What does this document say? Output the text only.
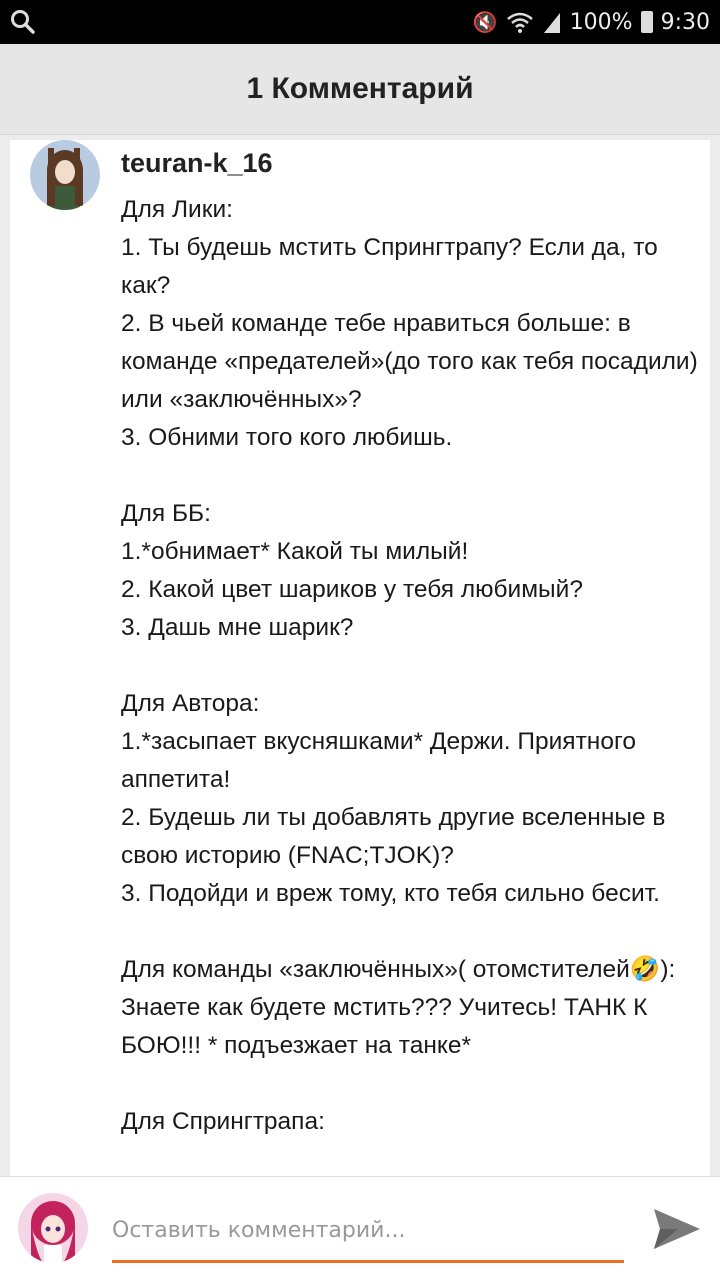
🔇	100% 9:30
1 Комментарий
teuran-k_16
Для Лики:
1. Ты будешь мстить Спрингтрапу? Если да, то как?
2. В чьей команде тебе нравиться больше: в команде «предателей»(до того как тебя посадили) или «заключённых»?
3. Обними того кого любишь.

Для ББ:
1.*обнимает* Какой ты милый!
2. Какой цвет шариков у тебя любимый?
3. Дашь мне шарик?

Для Автора:
1.*засыпает вкусняшками* Держи. Приятного аппетита!
2. Будешь ли ты добавлять другие вселенные в свою историю (FNAC;TJOK)?
3. Подойди и вреж тому, кто тебя сильно бесит.

Для команды «заключённых»( отомстителей🤣):
Знаете как будете мстить??? Учитесь! ТАНК К БОЮ!!! * подъезжает на танке*

Для Спрингтрапа:
Оставить комментарий...
